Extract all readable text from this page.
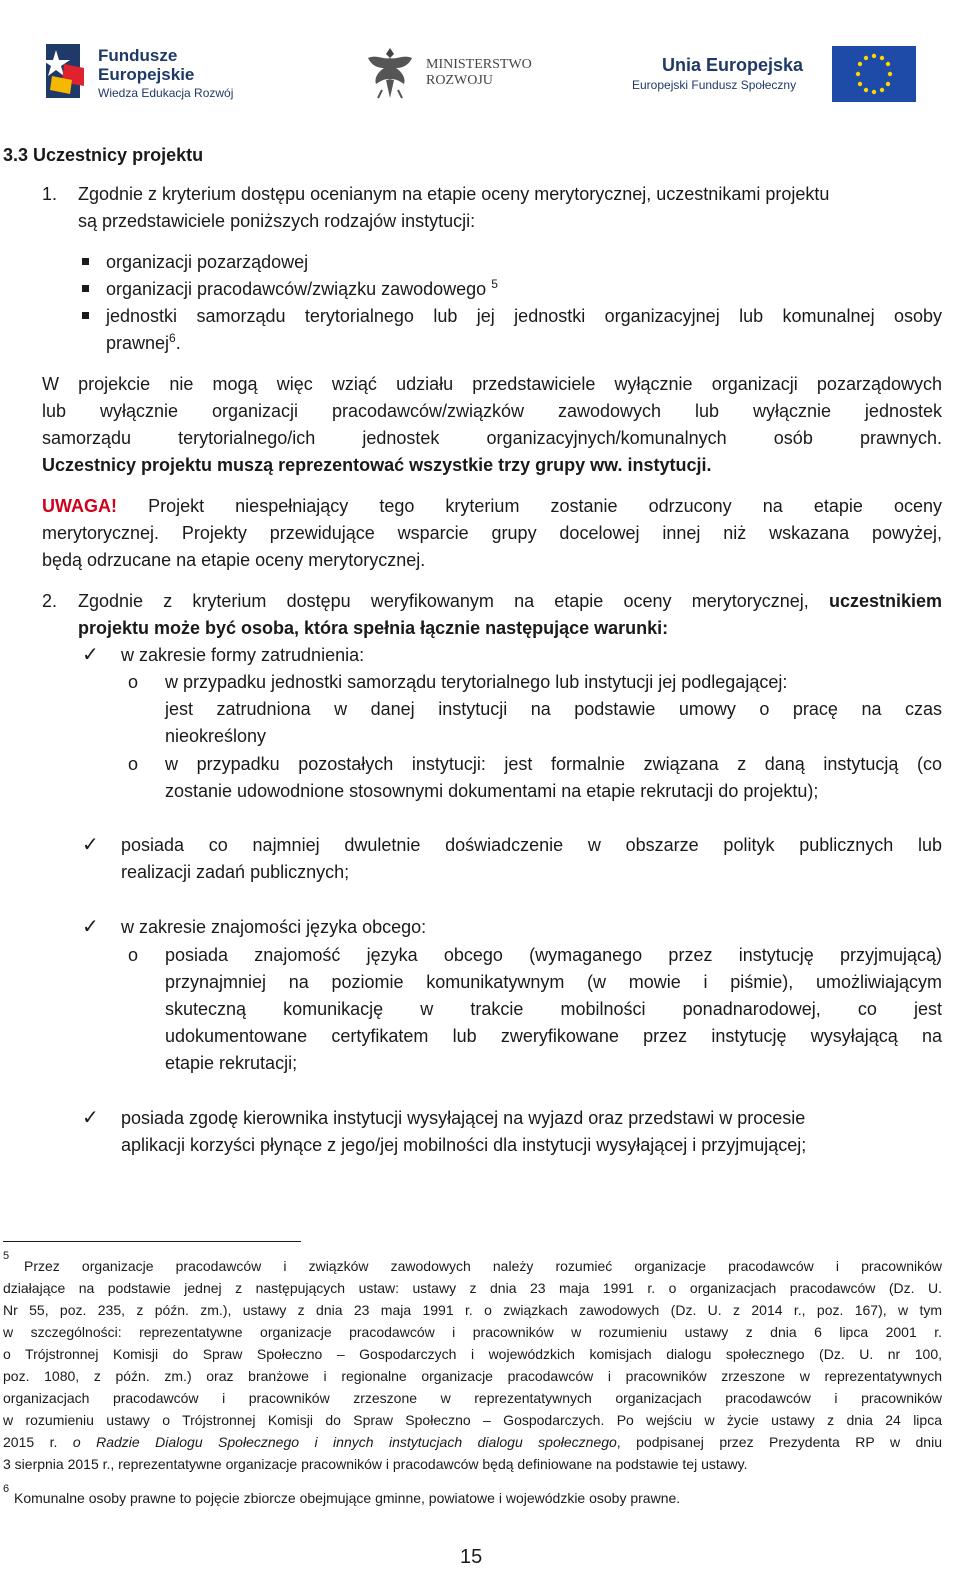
Fundusze
Europejskie
Wiedza Edukacja Rozwój
MINISTERSTWO
ROZWOJU
Unia Europejska
Europejski Fundusz Społeczny
3.3 Uczestnicy projektu
1. Zgodnie z kryterium dostępu ocenianym na etapie oceny merytorycznej, uczestnikami projektu
są przedstawiciele poniższych rodzajów instytucji:
organizacji pozarządowej
organizacji pracodawców/związku zawodowego $^5$
jednostki samorządu terytorialnego lub jej jednostki organizacyjnej lub komunalnej osoby
prawnej$^6$.
W projekcie nie mogą więc wziąć udziału przedstawiciele wyłącznie organizacji pozarządowych
lub wyłącznie organizacji pracodawców/związków zawodowych lub wyłącznie jednostek
samorządu terytorialnego/ich jednostek organizacyjnych/komunalnych osób prawnych.
Uczestnicy projektu muszą reprezentować wszystkie trzy grupy ww. instytucji.
UWAGA! Projekt niespełniający tego kryterium zostanie odrzucony na etapie oceny
merytorycznej. Projekty przewidujące wsparcie grupy docelowej innej niż wskazana powyżej,
będą odrzucane na etapie oceny merytorycznej.
2. Zgodnie z kryterium dostępu weryfikowanym na etapie oceny merytorycznej, uczestnikiem
projektu może być osoba, która spełnia łącznie następujące warunki:
✓ w zakresie formy zatrudnienia:
o w przypadku jednostki samorządu terytorialnego lub instytucji jej podlegającej:
jest zatrudniona w danej instytucji na podstawie umowy o pracę na czas
nieokreślony
o w przypadku pozostałych instytucji: jest formalnie związana z daną instytucją (co
zostanie udowodnione stosownymi dokumentami na etapie rekrutacji do projektu);
✓ posiada co najmniej dwuletnie doświadczenie w obszarze polityk publicznych lub
realizacji zadań publicznych;
✓ w zakresie znajomości języka obcego:
o posiada znajomość języka obcego (wymaganego przez instytucję przyjmującą)
przynajmniej na poziomie komunikatywnym (w mowie i piśmie), umożliwiającym
skuteczną komunikację w trakcie mobilności ponadnarodowej, co jest
udokumentowane certyfikatem lub zweryfikowane przez instytucję wysyłającą na
etapie rekrutacji;
✓ posiada zgodę kierownika instytucji wysyłającej na wyjazd oraz przedstawi w procesie
aplikacji korzyści płynące z jego/jej mobilności dla instytucji wysyłającej i przyjmującej;
5
Przez organizacje pracodawców i związków zawodowych należy rozumieć organizacje pracodawców i pracowników
działające na podstawie jednej z następujących ustaw: ustawy z dnia 23 maja 1991 r. o organizacjach pracodawców (Dz. U.
Nr 55, poz. 235, z późn. zm.), ustawy z dnia 23 maja 1991 r. o związkach zawodowych (Dz. U. z 2014 r., poz. 167), w tym
w szczególności: reprezentatywne organizacje pracodawców i pracowników w rozumieniu ustawy z dnia 6 lipca 2001 r.
o Trójstronnej Komisji do Spraw Społeczno – Gospodarczych i wojewódzkich komisjach dialogu społecznego (Dz. U. nr 100,
poz. 1080, z późn. zm.) oraz branżowe i regionalne organizacje pracodawców i pracowników zrzeszone w reprezentatywnych
organizacjach pracodawców i pracowników zrzeszone w reprezentatywnych organizacjach pracodawców i pracowników
w rozumieniu ustawy o Trójstronnej Komisji do Spraw Społeczno – Gospodarczych. Po wejściu w życie ustawy z dnia 24 lipca
2015 r. o Radzie Dialogu Społecznego i innych instytucjach dialogu społecznego, podpisanej przez Prezydenta RP w dniu
3 sierpnia 2015 r., reprezentatywne organizacje pracowników i pracodawców będą definiowane na podstawie tej ustawy.
6
Komunalne osoby prawne to pojęcie zbiorcze obejmujące gminne, powiatowe i wojewódzkie osoby prawne.
15
